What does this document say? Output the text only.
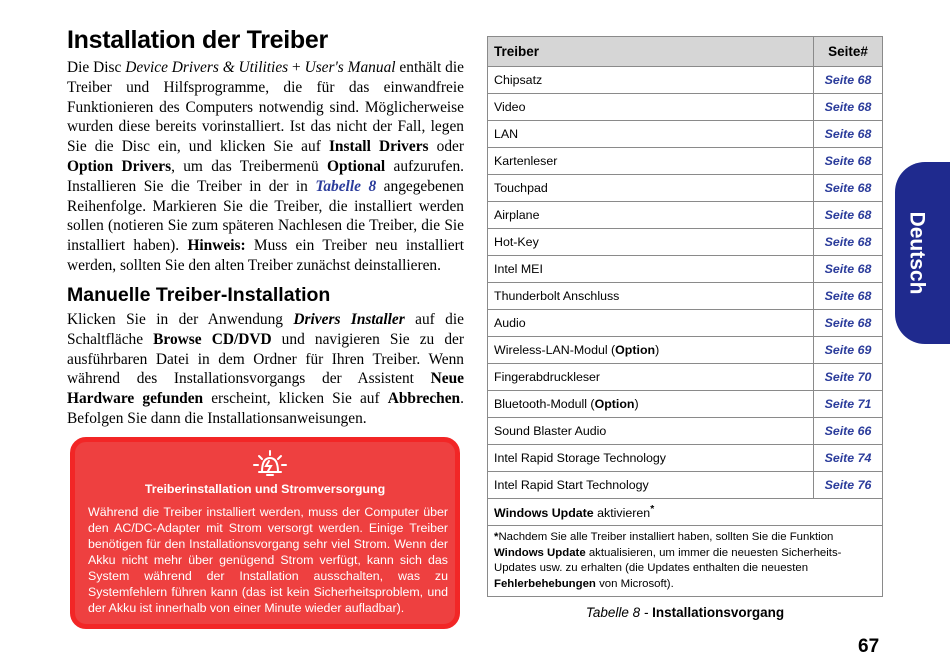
Installation der Treiber
Die Disc Device Drivers & Utilities + User's Manual enthält die Treiber und Hilfsprogramme, die für das einwandfreie Funktionieren des Computers notwendig sind. Möglicherweise wurden diese bereits vorinstalliert. Ist das nicht der Fall, legen Sie die Disc ein, und klicken Sie auf Install Drivers oder Option Drivers, um das Treibermenü Optional aufzurufen. Installieren Sie die Treiber in der in Tabelle 8 angegebenen Reihenfolge. Markieren Sie die Treiber, die installiert werden sollen (notieren Sie zum späteren Nachlesen die Treiber, die Sie installiert haben). Hinweis: Muss ein Treiber neu installiert werden, sollten Sie den alten Treiber zunächst deinstallieren.
Manuelle Treiber-Installation
Klicken Sie in der Anwendung Drivers Installer auf die Schaltfläche Browse CD/DVD und navigieren Sie zu der ausführbaren Datei in dem Ordner für Ihren Treiber. Wenn während des Installationsvorgangs der Assistent Neue Hardware gefunden erscheint, klicken Sie auf Abbrechen. Befolgen Sie dann die Installationsanweisungen.
Treiberinstallation und Stromversorgung
Während die Treiber installiert werden, muss der Computer über den AC/DC-Adapter mit Strom versorgt werden. Einige Treiber benötigen für den Installationsvorgang sehr viel Strom. Wenn der Akku nicht mehr über genügend Strom verfügt, kann sich das System während der Installation ausschalten, was zu Systemfehlern führen kann (das ist kein Sicherheitsproblem, und der Akku ist innerhalb von einer Minute wieder aufladbar).
Treiber	Seite#
Chipsatz	Seite 68
Video	Seite 68
LAN	Seite 68
Kartenleser	Seite 68
Touchpad	Seite 68
Airplane	Seite 68
Hot-Key	Seite 68
Intel MEI	Seite 68
Thunderbolt Anschluss	Seite 68
Audio	Seite 68
Wireless-LAN-Modul (Option)	Seite 69
Fingerabdruckleser	Seite 70
Bluetooth-Modull (Option)	Seite 71
Sound Blaster Audio	Seite 66
Intel Rapid Storage Technology	Seite 74
Intel Rapid Start Technology	Seite 76
Windows Update aktivieren*
*Nachdem Sie alle Treiber installiert haben, sollten Sie die Funktion Windows Update aktualisieren, um immer die neuesten Sicherheits-Updates usw. zu erhalten (die Updates enthalten die neuesten Fehlerbehebungen von Microsoft).	
Tabelle 8 - Installationsvorgang
Deutsch
67
